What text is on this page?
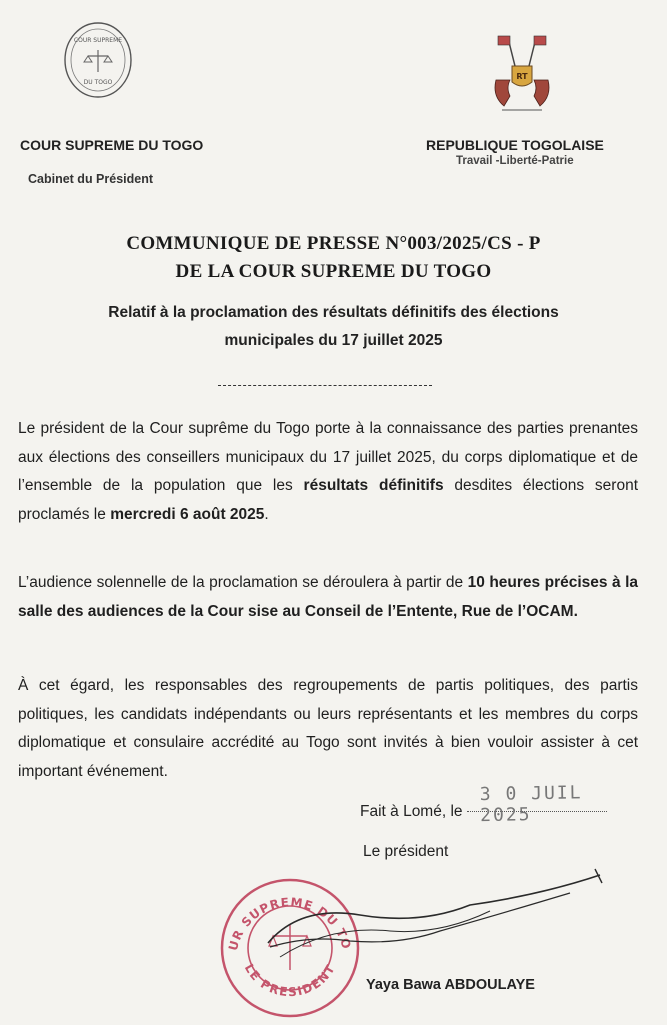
COUR SUPREME
DU TOGO
RT
COUR SUPREME DU TOGO
Cabinet du Président
REPUBLIQUE TOGOLAISE
Travail -Liberté-Patrie
COMMUNIQUE DE PRESSE N°003/2025/CS - P
DE LA COUR SUPREME DU TOGO
Relatif à la proclamation des résultats définitifs des élections
municipales du 17 juillet 2025
Le président de la Cour suprême du Togo porte à la connaissance des parties prenantes aux élections des conseillers municipaux du 17 juillet 2025, du corps diplomatique et de l’ensemble de la population que les résultats définitifs desdites élections seront proclamés le mercredi 6 août 2025.
L’audience solennelle de la proclamation se déroulera à partir de 10 heures précises à la salle des audiences de la Cour sise au Conseil de l’Entente, Rue de l’OCAM.
À cet égard, les responsables des regroupements de partis politiques, des partis politiques, les candidats indépendants ou leurs représentants et les membres du corps diplomatique et consulaire accrédité au Togo sont invités à bien vouloir assister à cet important événement.
Fait à Lomé, le
3 0 JUIL 2025
Le président
UR SUPREME DU TO
LE PRESIDENT
Yaya Bawa ABDOULAYE
